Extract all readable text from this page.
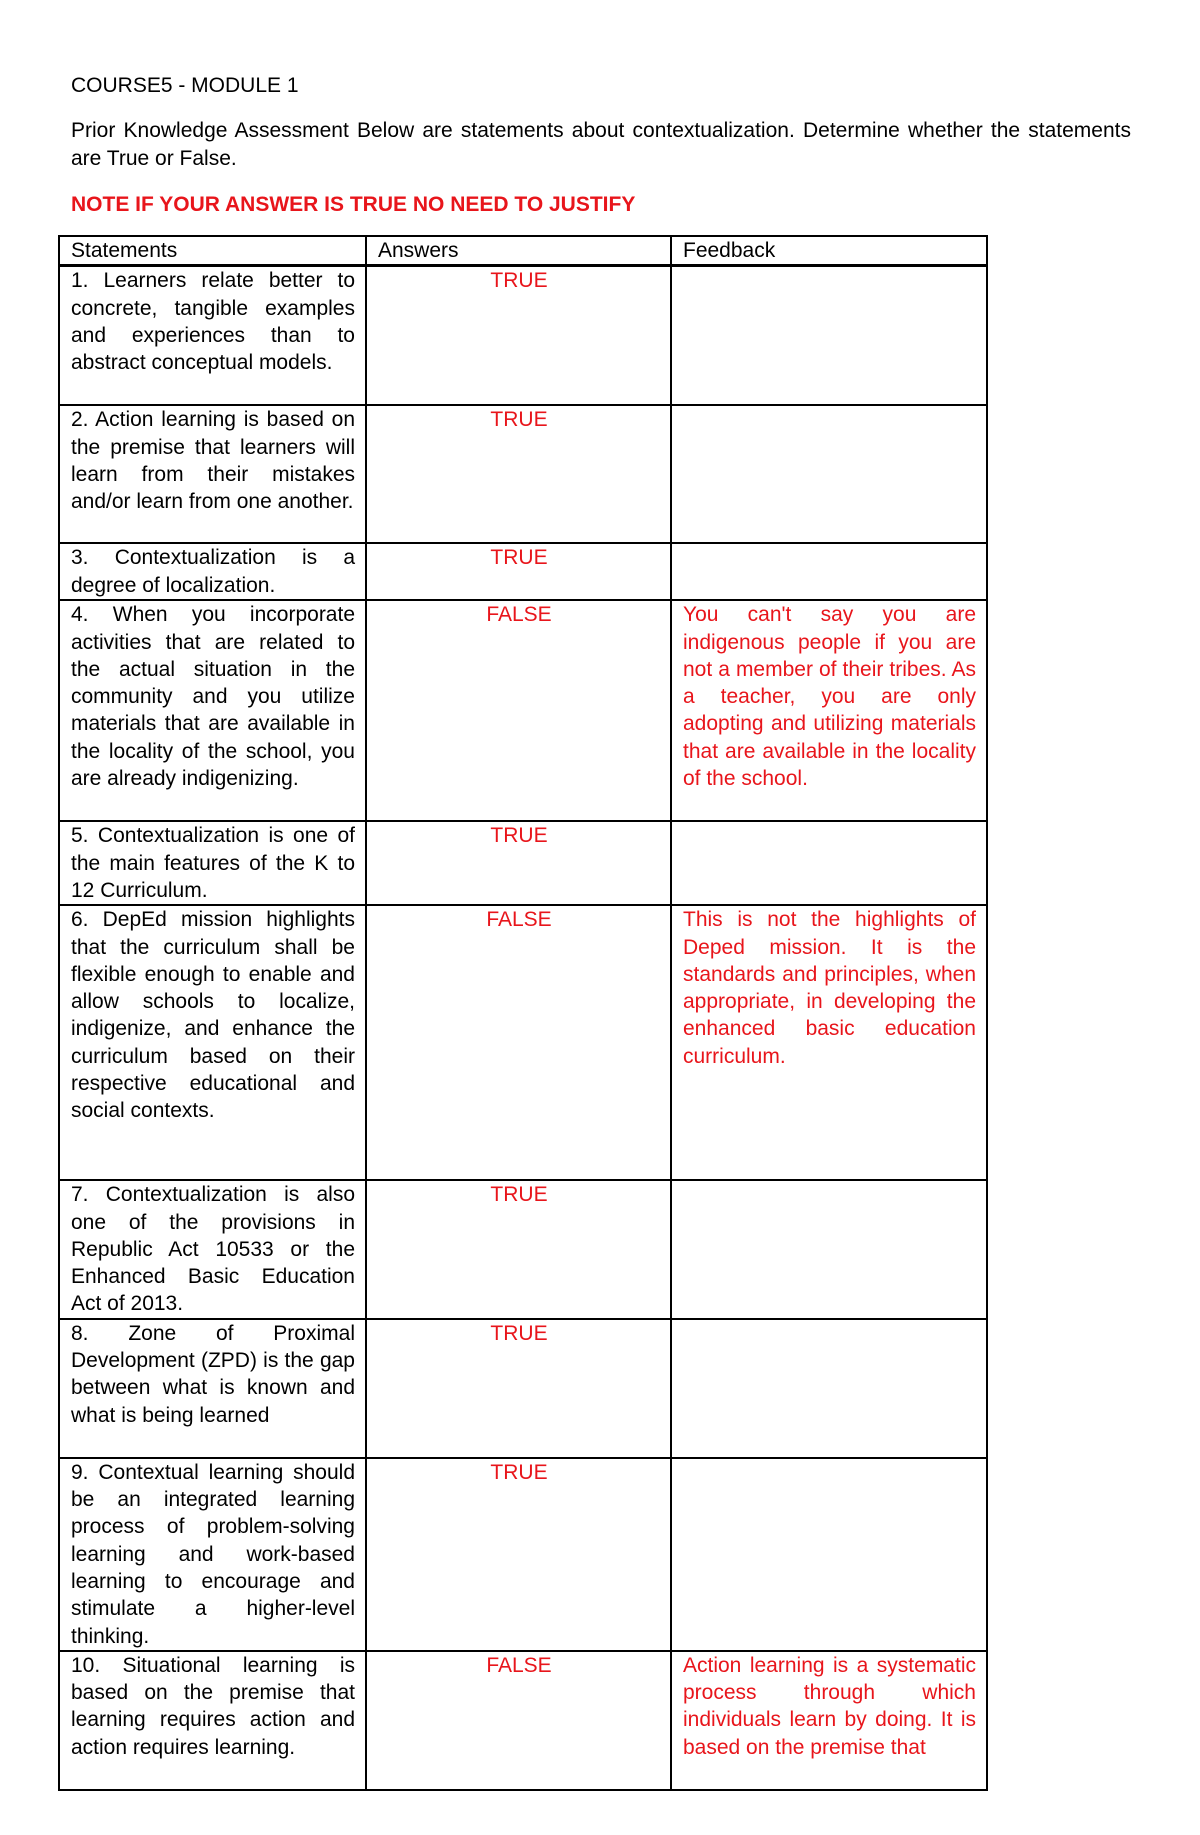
COURSE5 - MODULE 1
Prior Knowledge Assessment Below are statements about contextualization. Determine whether the statements are True or False.
NOTE IF YOUR ANSWER IS TRUE NO NEED TO JUSTIFY
Statements	Answers	Feedback
1. Learners relate better to concrete, tangible examples and experiences than to abstract conceptual models.	TRUE	
2. Action learning is based on the premise that learners will learn from their mistakes and/or learn from one another.	TRUE	
3. Contextualization is a degree of localization.	TRUE	
4. When you incorporate activities that are related to the actual situation in the community and you utilize materials that are available in the locality of the school, you are already indigenizing.	FALSE	You can't say you are indigenous people if you are not a member of their tribes. As a teacher, you are only adopting and utilizing materials that are available in the locality of the school.
5. Contextualization is one of the main features of the K to 12 Curriculum.	TRUE	
6. DepEd mission highlights that the curriculum shall be flexible enough to enable and allow schools to localize, indigenize, and enhance the curriculum based on their respective educational and social contexts.	FALSE	This is not the highlights of Deped mission. It is the standards and principles, when appropriate, in developing the enhanced basic education curriculum.
7. Contextualization is also one of the provisions in Republic Act 10533 or the Enhanced Basic Education Act of 2013.	TRUE	
8. Zone of Proximal Development (ZPD) is the gap between what is known and what is being learned	TRUE	
9. Contextual learning should be an integrated learning process of problem-solving learning and work-based learning to encourage and stimulate a higher-level thinking.	TRUE	
10. Situational learning is based on the premise that learning requires action and action requires learning.	FALSE	Action learning is a systematic process through which individuals learn by doing. It is based on the premise that
